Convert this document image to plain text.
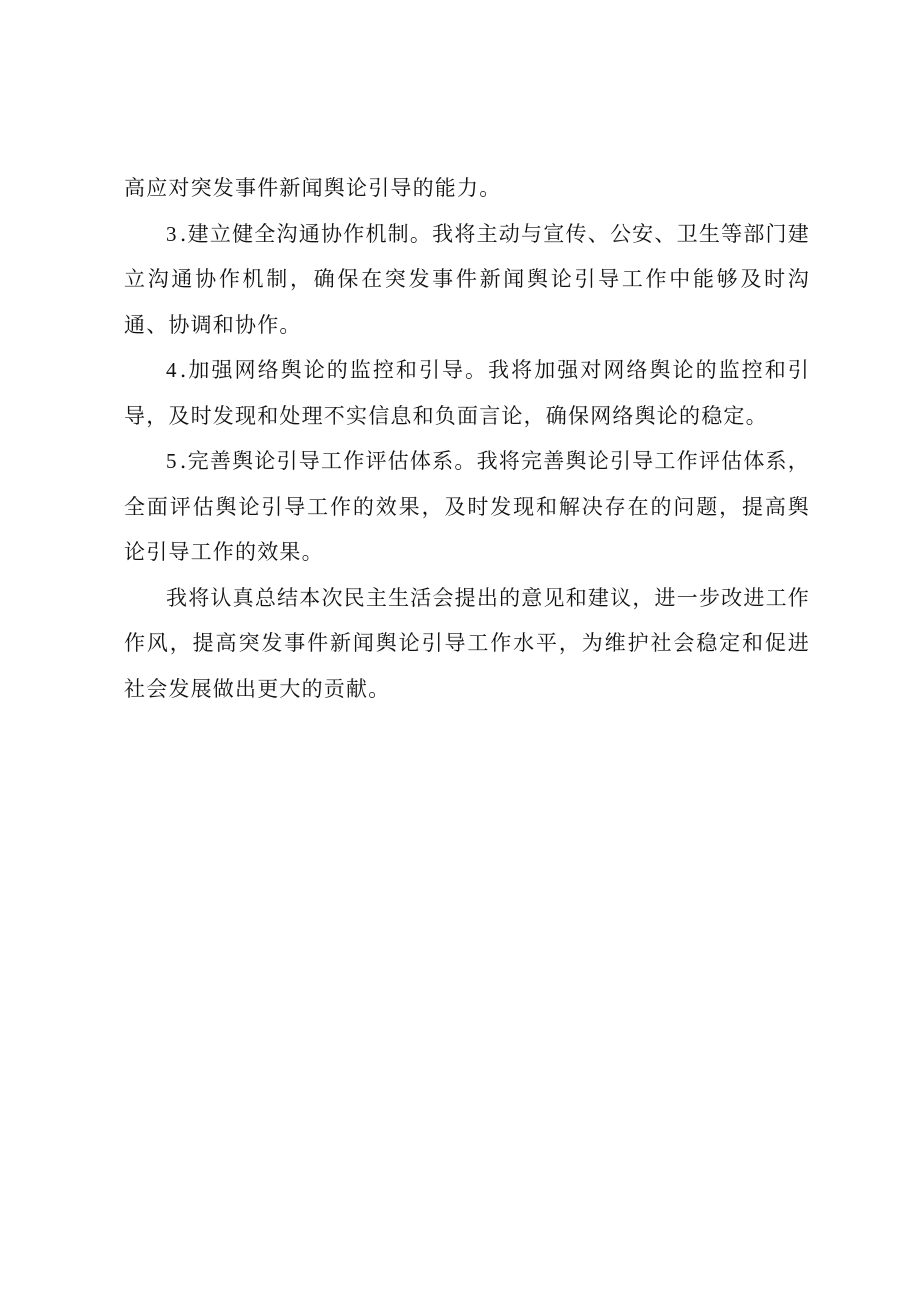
高应对突发事件新闻舆论引导的能力。

3.建立健全沟通协作机制。我将主动与宣传、公安、卫生等部门建立沟通协作机制，确保在突发事件新闻舆论引导工作中能够及时沟通、协调和协作。

4.加强网络舆论的监控和引导。我将加强对网络舆论的监控和引导，及时发现和处理不实信息和负面言论，确保网络舆论的稳定。

5.完善舆论引导工作评估体系。我将完善舆论引导工作评估体系，全面评估舆论引导工作的效果，及时发现和解决存在的问题，提高舆论引导工作的效果。

我将认真总结本次民主生活会提出的意见和建议，进一步改进工作作风，提高突发事件新闻舆论引导工作水平，为维护社会稳定和促进社会发展做出更大的贡献。
